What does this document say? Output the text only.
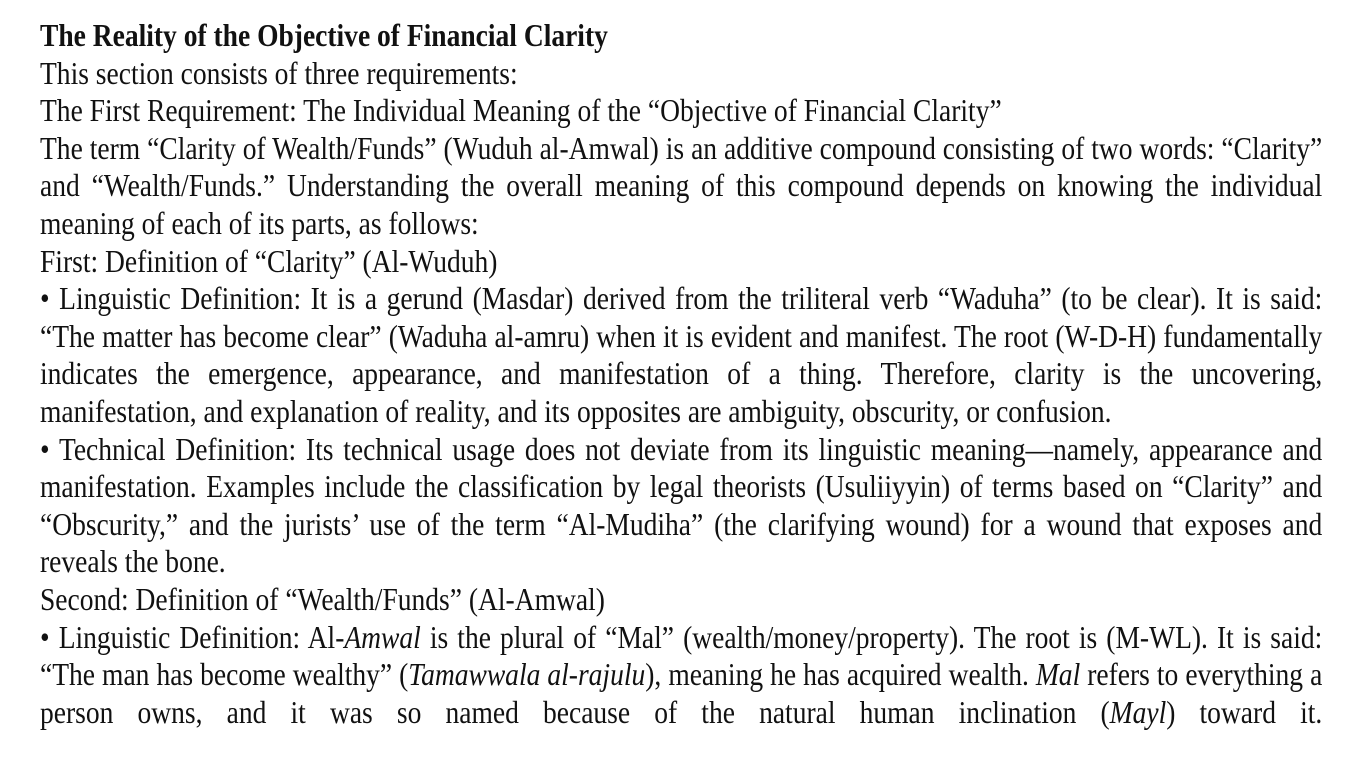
The Reality of the Objective of Financial Clarity

This section consists of three requirements:

The First Requirement: The Individual Meaning of the “Objective of Financial Clarity”

The term “Clarity of Wealth/Funds” (Wuduh al-Amwal) is an additive compound consisting of two words: “Clarity” and “Wealth/Funds.” Understanding the overall meaning of this compound depends on knowing the individual meaning of each of its parts, as follows:

First: Definition of “Clarity” (Al-Wuduh)

• Linguistic Definition: It is a gerund (Masdar) derived from the triliteral verb “Waduha” (to be clear). It is said: “The matter has become clear” (Waduha al-amru) when it is evident and manifest. The root (W-D-H) fundamentally indicates the emergence, appearance, and manifestation of a thing. Therefore, clarity is the uncovering, manifestation, and explanation of reality, and its opposites are ambiguity, obscurity, or confusion.

• Technical Definition: Its technical usage does not deviate from its linguistic meaning—namely, appearance and manifestation. Examples include the classification by legal theorists (Usuliiyyin) of terms based on “Clarity” and “Obscurity,” and the jurists’ use of the term “Al-Mudiha” (the clarifying wound) for a wound that exposes and reveals the bone.

Second: Definition of “Wealth/Funds” (Al-Amwal)

• Linguistic Definition: Al-Amwal is the plural of “Mal” (wealth/money/property). The root is (M-WL). It is said: “The man has become wealthy” (Tamawwala al-rajulu), meaning he has acquired wealth. Mal refers to everything a person owns, and it was so named because of the natural human inclination (Mayl) toward it.
